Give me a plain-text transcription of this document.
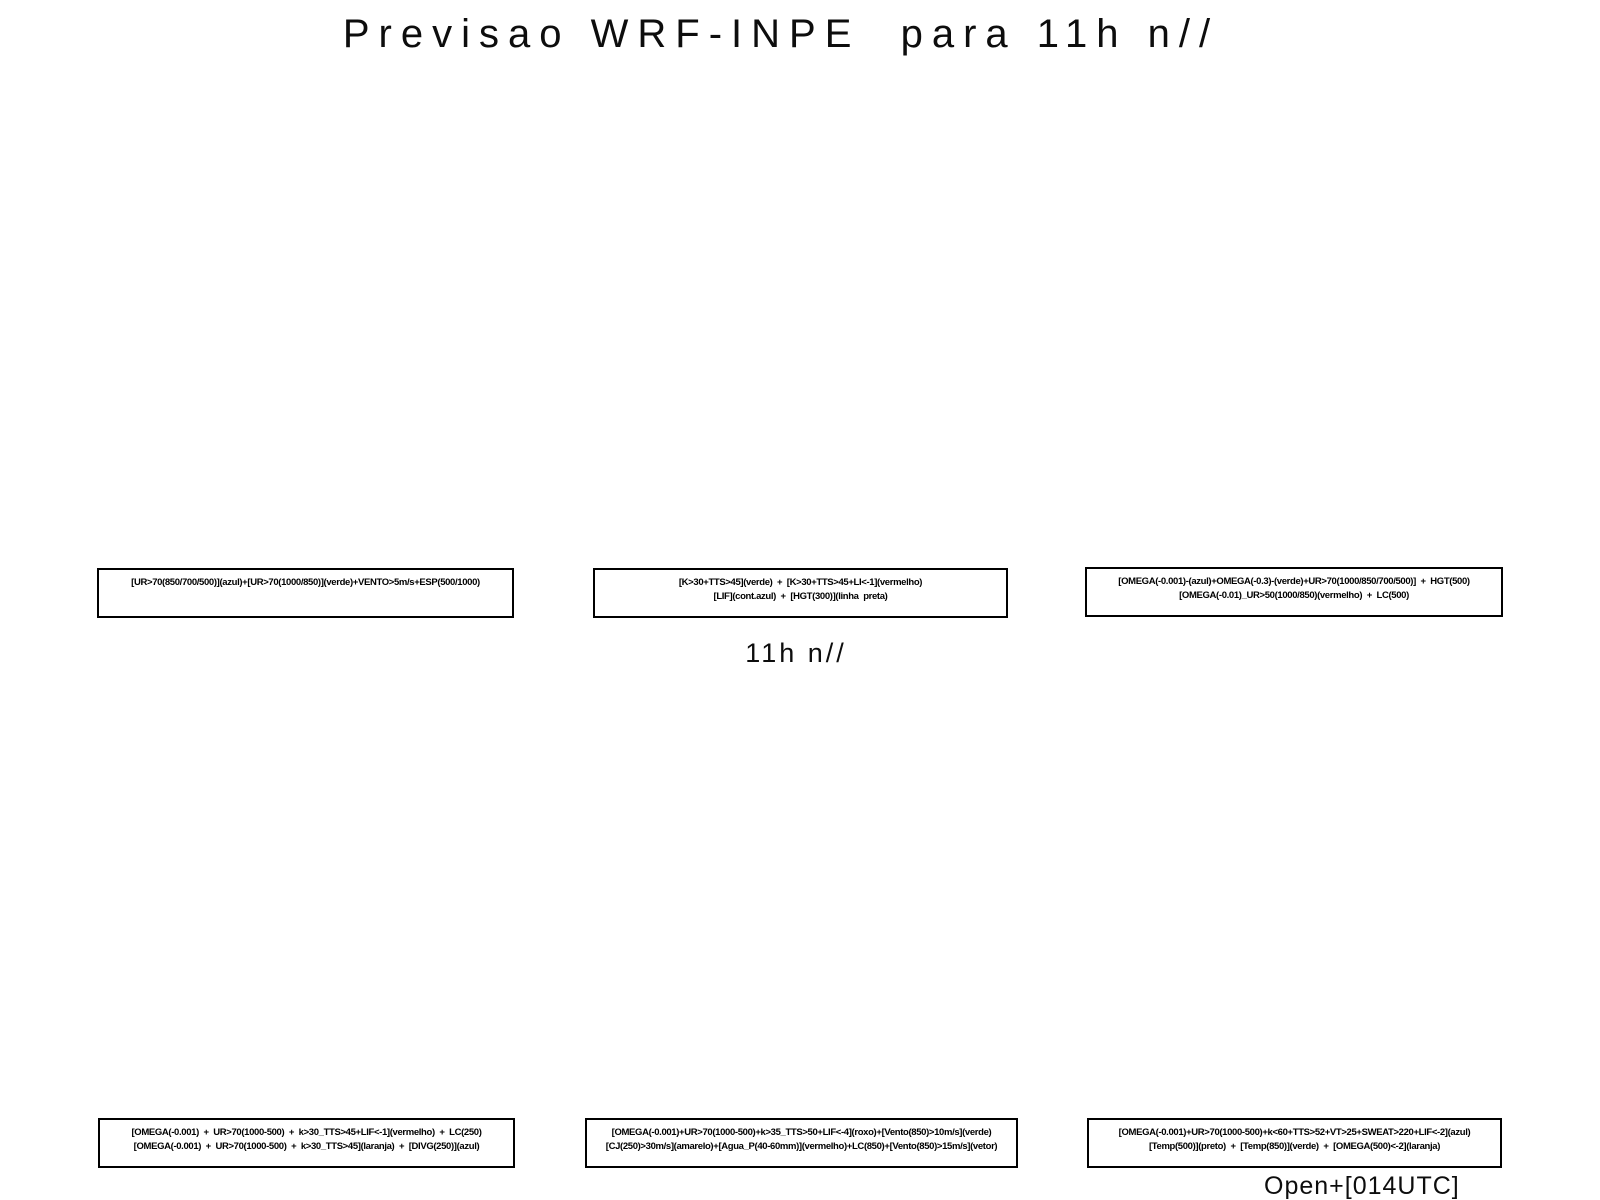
Previsao WRF-INPE  para 11h n//
[UR>70(850/700/500)](azul)+[UR>70(1000/850)](verde)+VENTO>5m/s+ESP(500/1000)	[K>30+TTS>45](verde)  +  [K>30+TTS>45+LI<-1](vermelho)
[LIF](cont.azul)  +  [HGT(300)](linha  preta)
[OMEGA(-0.001)-(azul)+OMEGA(-0.3)-(verde)+UR>70(1000/850/700/500)]  +  HGT(500)
[OMEGA(-0.01)_UR>50(1000/850)(vermelho)  +  LC(500)
11h n//
[OMEGA(-0.001)  +  UR>70(1000-500)  +  k>30_TTS>45+LIF<-1](vermelho)  +  LC(250)
[OMEGA(-0.001)  +  UR>70(1000-500)  +  k>30_TTS>45](laranja)  +  [DIVG(250)](azul)
[OMEGA(-0.001)+UR>70(1000-500)+k>35_TTS>50+LIF<-4](roxo)+[Vento(850)>10m/s](verde)
[CJ(250)>30m/s](amarelo)+[Agua_P(40-60mm)](vermelho)+LC(850)+[Vento(850)>15m/s](vetor)
[OMEGA(-0.001)+UR>70(1000-500)+k<60+TTS>52+VT>25+SWEAT>220+LIF<-2](azul)
[Temp(500)](preto)  +  [Temp(850)](verde)  +  [OMEGA(500)<-2](laranja)
Open+[014UTC]
